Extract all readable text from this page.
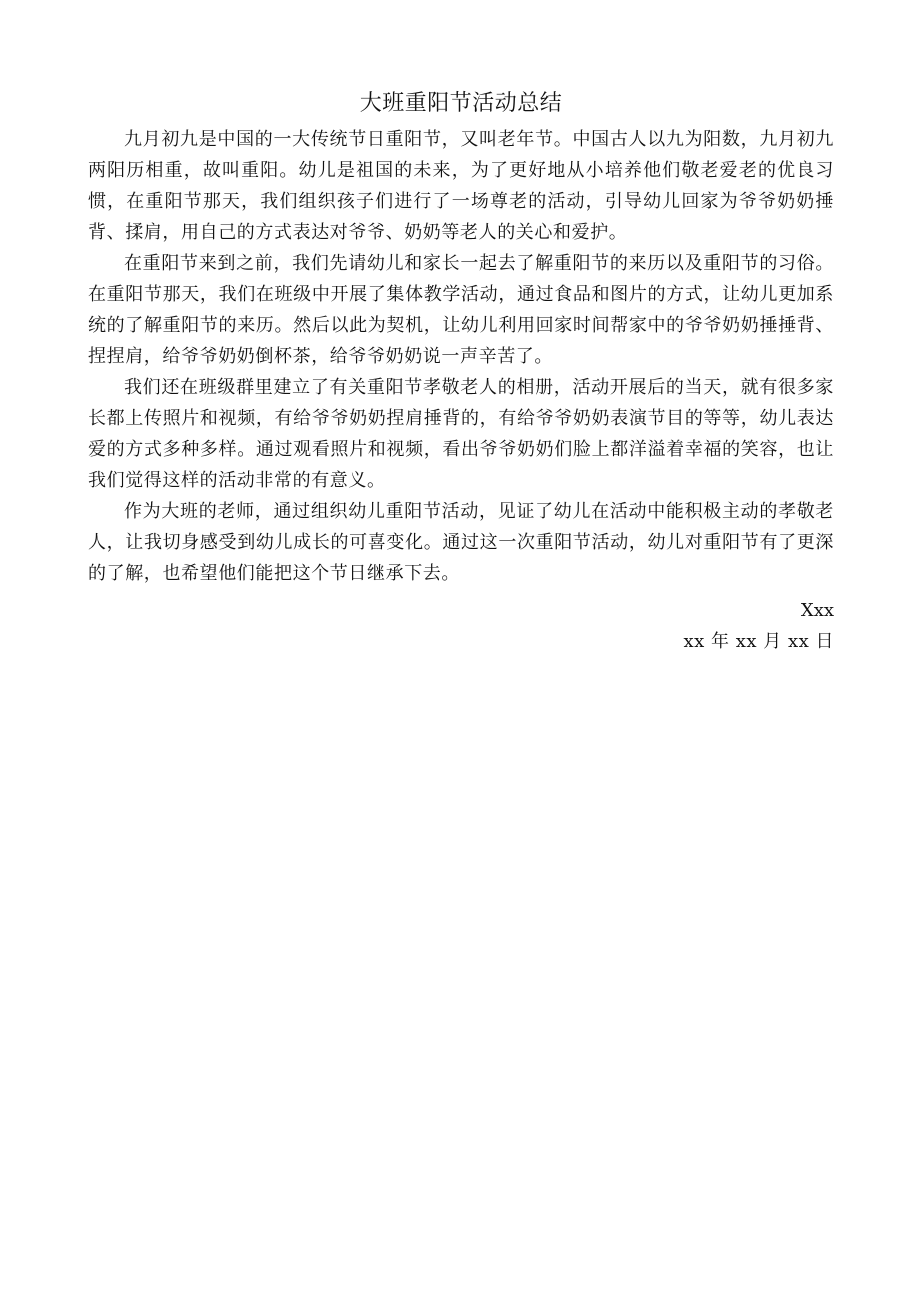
大班重阳节活动总结

九月初九是中国的一大传统节日重阳节，又叫老年节。中国古人以九为阳数，九月初九两阳历相重，故叫重阳。幼儿是祖国的未来，为了更好地从小培养他们敬老爱老的优良习惯，在重阳节那天，我们组织孩子们进行了一场尊老的活动，引导幼儿回家为爷爷奶奶捶背、揉肩，用自己的方式表达对爷爷、奶奶等老人的关心和爱护。

在重阳节来到之前，我们先请幼儿和家长一起去了解重阳节的来历以及重阳节的习俗。在重阳节那天，我们在班级中开展了集体教学活动，通过食品和图片的方式，让幼儿更加系统的了解重阳节的来历。然后以此为契机，让幼儿利用回家时间帮家中的爷爷奶奶捶捶背、捏捏肩，给爷爷奶奶倒杯茶，给爷爷奶奶说一声辛苦了。

我们还在班级群里建立了有关重阳节孝敬老人的相册，活动开展后的当天，就有很多家长都上传照片和视频，有给爷爷奶奶捏肩捶背的，有给爷爷奶奶表演节目的等等，幼儿表达爱的方式多种多样。通过观看照片和视频，看出爷爷奶奶们脸上都洋溢着幸福的笑容，也让我们觉得这样的活动非常的有意义。

作为大班的老师，通过组织幼儿重阳节活动，见证了幼儿在活动中能积极主动的孝敬老人，让我切身感受到幼儿成长的可喜变化。通过这一次重阳节活动，幼儿对重阳节有了更深的了解，也希望他们能把这个节日继承下去。

Xxx
xx 年 xx 月 xx 日
